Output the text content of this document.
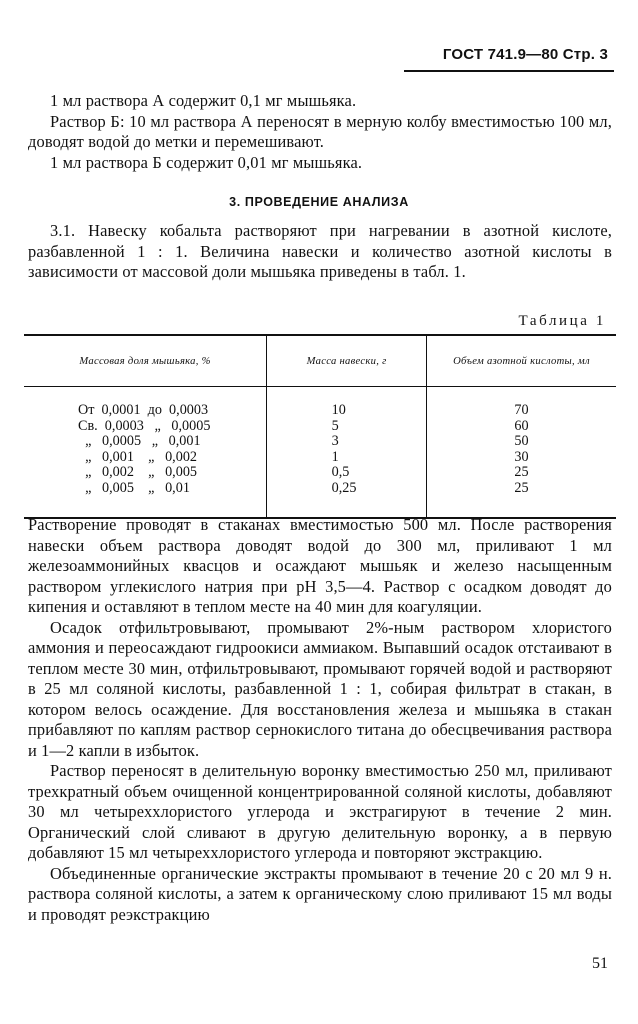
ГОСТ 741.9—80 Стр. 3

1 мл раствора А содержит 0,1 мг мышьяка.

Раствор Б: 10 мл раствора А переносят в мерную колбу вместимостью 100 мл, доводят водой до метки и перемешивают.

1 мл раствора Б содержит 0,01 мг мышьяка.

3. ПРОВЕДЕНИЕ АНАЛИЗА

3.1. Навеску кобальта растворяют при нагревании в азотной кислоте, разбавленной 1 : 1. Величина навески и количество азотной кислоты в зависимости от массовой доли мышьяка приведены в табл. 1.

Таблица 1
Массовая доля мышьяка, %	Масса навески, г	Объем азотной кислоты, мл
От  0,0001  до  0,0003	10	70
Св.  0,0003   „   0,0005	5	60
„   0,0005   „   0,001	3	50
„   0,001    „   0,002	1	30
„   0,002    „   0,005	0,5	25
„   0,005    „   0,01	0,25	25

Растворение проводят в стаканах вместимостью 500 мл. После растворения навески объем раствора доводят водой до 300 мл, приливают 1 мл железоаммонийных квасцов и осаждают мышьяк и железо насыщенным раствором углекислого натрия при pH 3,5—4. Раствор с осадком доводят до кипения и оставляют в теплом месте на 40 мин для коагуляции.

Осадок отфильтровывают, промывают 2%-ным раствором хлористого аммония и переосаждают гидроокиси аммиаком. Выпавший осадок отстаивают в теплом месте 30 мин, отфильтровывают, промывают горячей водой и растворяют в 25 мл соляной кислоты, разбавленной 1 : 1, собирая фильтрат в стакан, в котором велось осаждение. Для восстановления железа и мышьяка в стакан прибавляют по каплям раствор сернокислого титана до обесцвечивания раствора и 1—2 капли в избыток.

Раствор переносят в делительную воронку вместимостью 250 мл, приливают трехкратный объем очищенной концентрированной соляной кислоты, добавляют 30 мл четыреххлористого углерода и экстрагируют в течение 2 мин. Органический слой сливают в другую делительную воронку, а в первую добавляют 15 мл четыреххлористого углерода и повторяют экстракцию.

Объединенные органические экстракты промывают в течение 20 с 20 мл 9 н. раствора соляной кислоты, а затем к органическому слою приливают 15 мл воды и проводят реэкстракцию

51
